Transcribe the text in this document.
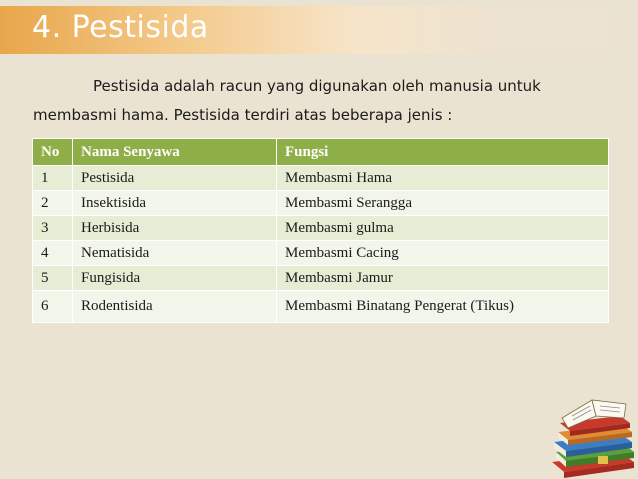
4. Pestisida
Pestisida adalah racun yang digunakan oleh manusia untuk
membasmi hama. Pestisida terdiri atas beberapa jenis :
No	Nama Senyawa	Fungsi
1	Pestisida	Membasmi Hama
2	Insektisida	Membasmi Serangga
3	Herbisida	Membasmi gulma
4	Nematisida	Membasmi Cacing
5	Fungisida	Membasmi Jamur
6	Rodentisida	Membasmi Binatang Pengerat (Tikus)
